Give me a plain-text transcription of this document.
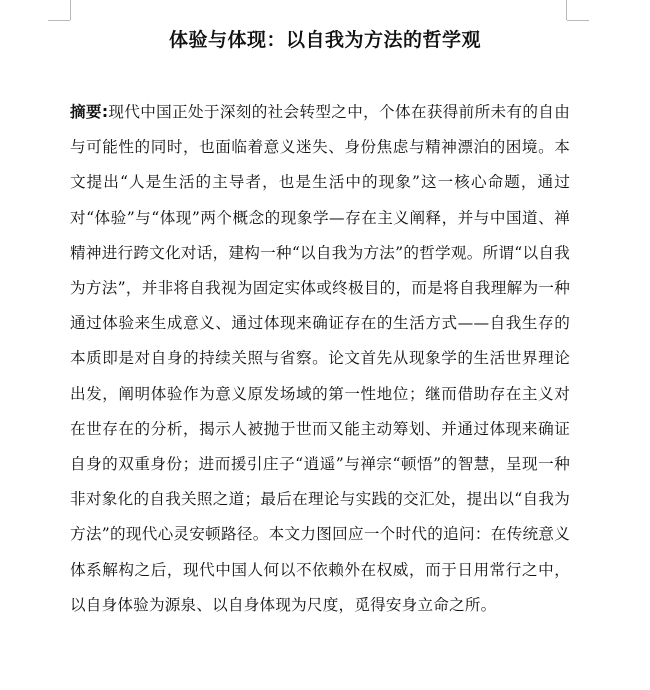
体验与体现：以自我为方法的哲学观

摘要:现代中国正处于深刻的社会转型之中，个体在获得前所未有的自由与可能性的同时，也面临着意义迷失、身份焦虑与精神漂泊的困境。本文提出“人是生活的主导者，也是生活中的现象”这一核心命题，通过对“体验”与“体现”两个概念的现象学—存在主义阐释，并与中国道、禅精神进行跨文化对话，建构一种“以自我为方法”的哲学观。所谓“以自我为方法”，并非将自我视为固定实体或终极目的，而是将自我理解为一种通过体验来生成意义、通过体现来确证存在的生活方式——自我生存的本质即是对自身的持续关照与省察。论文首先从现象学的生活世界理论出发，阐明体验作为意义原发场域的第一性地位；继而借助存在主义对在世存在的分析，揭示人被抛于世而又能主动筹划、并通过体现来确证自身的双重身份；进而援引庄子“逍遥”与禅宗“顿悟”的智慧，呈现一种非对象化的自我关照之道；最后在理论与实践的交汇处，提出以“自我为方法”的现代心灵安顿路径。本文力图回应一个时代的追问：在传统意义体系解构之后，现代中国人何以不依赖外在权威，而于日用常行之中，以自身体验为源泉、以自身体现为尺度，觅得安身立命之所。
